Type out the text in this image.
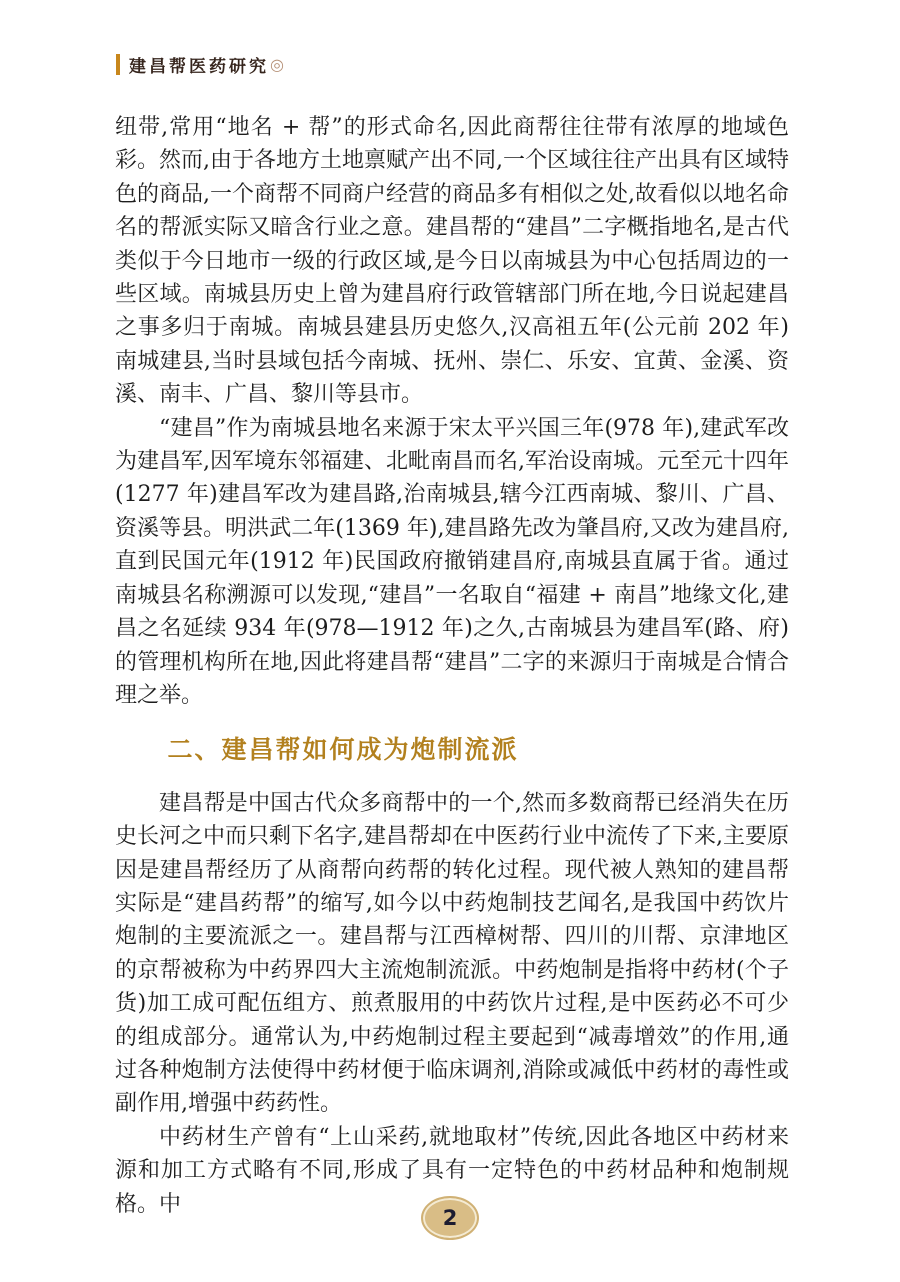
建昌帮医药研究 ◎

纽带,常用“地名 + 帮”的形式命名,因此商帮往往带有浓厚的地域色彩。然而,由于各地方土地禀赋产出不同,一个区域往往产出具有区域特色的商品,一个商帮不同商户经营的商品多有相似之处,故看似以地名命名的帮派实际又暗含行业之意。建昌帮的“建昌”二字概指地名,是古代类似于今日地市一级的行政区域,是今日以南城县为中心包括周边的一些区域。南城县历史上曾为建昌府行政管辖部门所在地,今日说起建昌之事多归于南城。南城县建县历史悠久,汉高祖五年(公元前 202 年)南城建县,当时县域包括今南城、抚州、崇仁、乐安、宜黄、金溪、资溪、南丰、广昌、黎川等县市。

“建昌”作为南城县地名来源于宋太平兴国三年(978 年),建武军改为建昌军,因军境东邻福建、北毗南昌而名,军治设南城。元至元十四年(1277 年)建昌军改为建昌路,治南城县,辖今江西南城、黎川、广昌、资溪等县。明洪武二年(1369 年),建昌路先改为肇昌府,又改为建昌府,直到民国元年(1912 年)民国政府撤销建昌府,南城县直属于省。通过南城县名称溯源可以发现,“建昌”一名取自“福建 + 南昌”地缘文化,建昌之名延续 934 年(978—1912 年)之久,古南城县为建昌军(路、府)的管理机构所在地,因此将建昌帮“建昌”二字的来源归于南城是合情合理之举。

二、建昌帮如何成为炮制流派

建昌帮是中国古代众多商帮中的一个,然而多数商帮已经消失在历史长河之中而只剩下名字,建昌帮却在中医药行业中流传了下来,主要原因是建昌帮经历了从商帮向药帮的转化过程。现代被人熟知的建昌帮实际是“建昌药帮”的缩写,如今以中药炮制技艺闻名,是我国中药饮片炮制的主要流派之一。建昌帮与江西樟树帮、四川的川帮、京津地区的京帮被称为中药界四大主流炮制流派。中药炮制是指将中药材(个子货)加工成可配伍组方、煎煮服用的中药饮片过程,是中医药必不可少的组成部分。通常认为,中药炮制过程主要起到“减毒增效”的作用,通过各种炮制方法使得中药材便于临床调剂,消除或减低中药材的毒性或副作用,增强中药药性。

中药材生产曾有“上山采药,就地取材”传统,因此各地区中药材来源和加工方式略有不同,形成了具有一定特色的中药材品种和炮制规格。中

2
